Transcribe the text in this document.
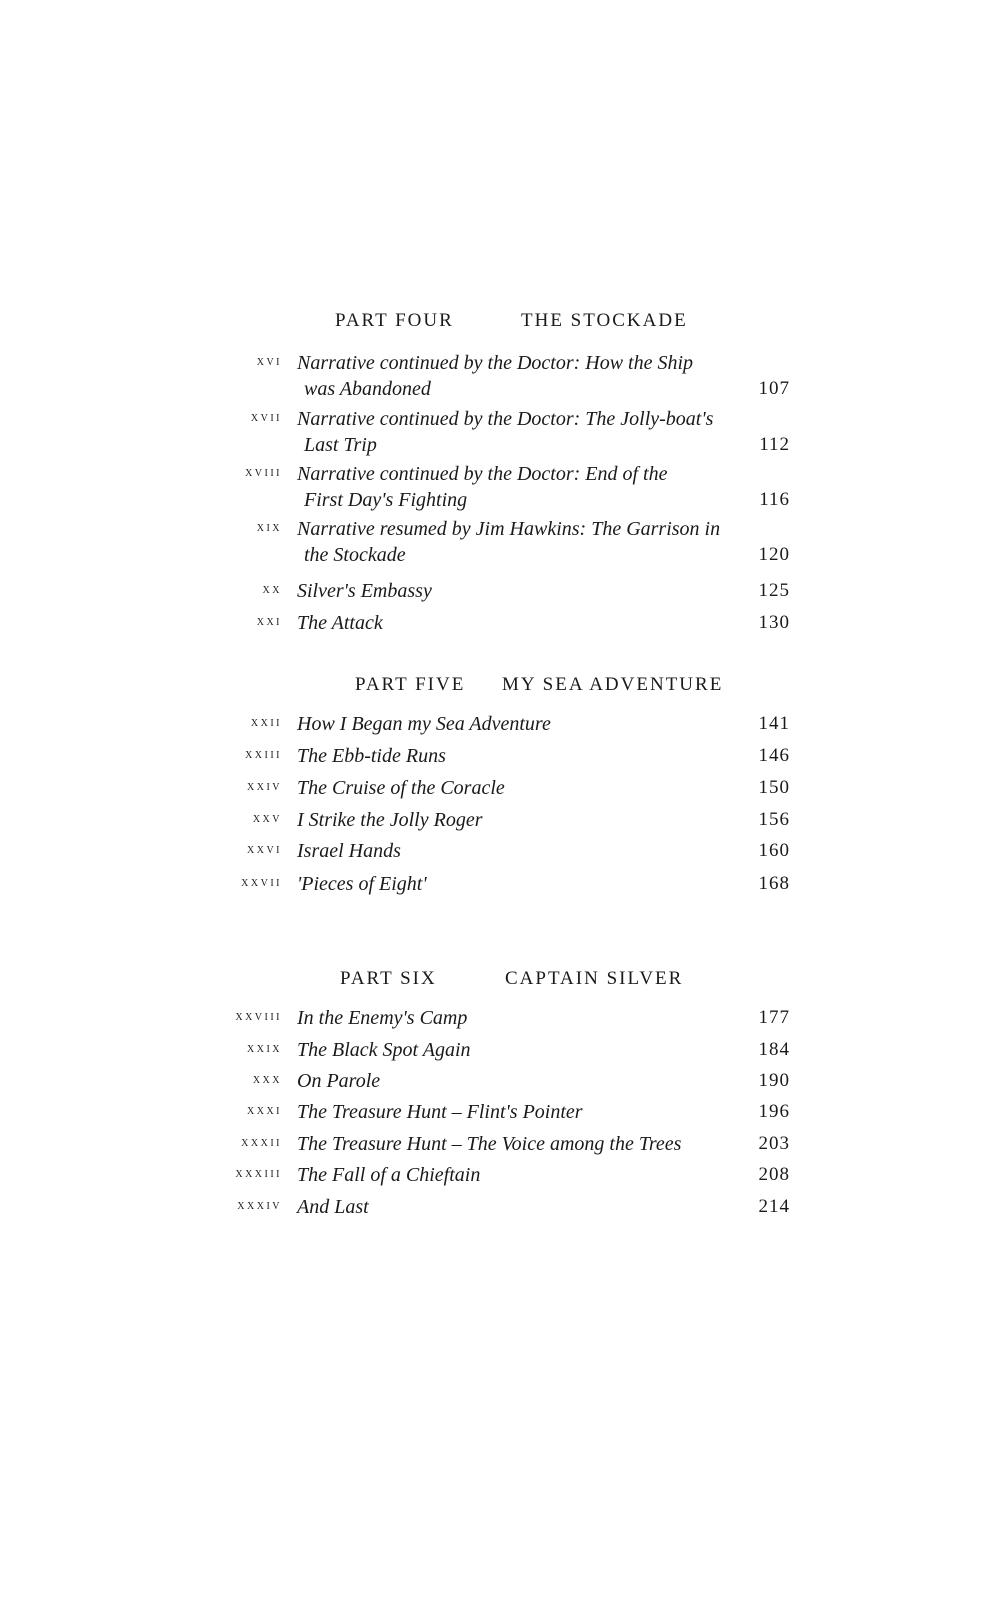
PART FOUR	THE STOCKADE
xvi Narrative continued by the Doctor: How the Ship
was Abandoned	107
xvii Narrative continued by the Doctor: The Jolly-boat's
Last Trip	112
xviii Narrative continued by the Doctor: End of the
First Day's Fighting	116
xix Narrative resumed by Jim Hawkins: The Garrison in
the Stockade	120
xx Silver's Embassy	125
xxi The Attack	130
PART FIVE MY SEA ADVENTURE
xxii How I Began my Sea Adventure	141
xxiii The Ebb-tide Runs	146
xxiv The Cruise of the Coracle	150
xxv I Strike the Jolly Roger	156
xxvi Israel Hands	160
xxvii 'Pieces of Eight'	168
PART SIX	CAPTAIN SILVER
xxviii In the Enemy's Camp	177
xxix The Black Spot Again	184
xxx On Parole	190
xxxi The Treasure Hunt – Flint's Pointer	196
xxxii The Treasure Hunt – The Voice among the Trees	203
xxxiii The Fall of a Chieftain	208
xxxiv And Last	214
